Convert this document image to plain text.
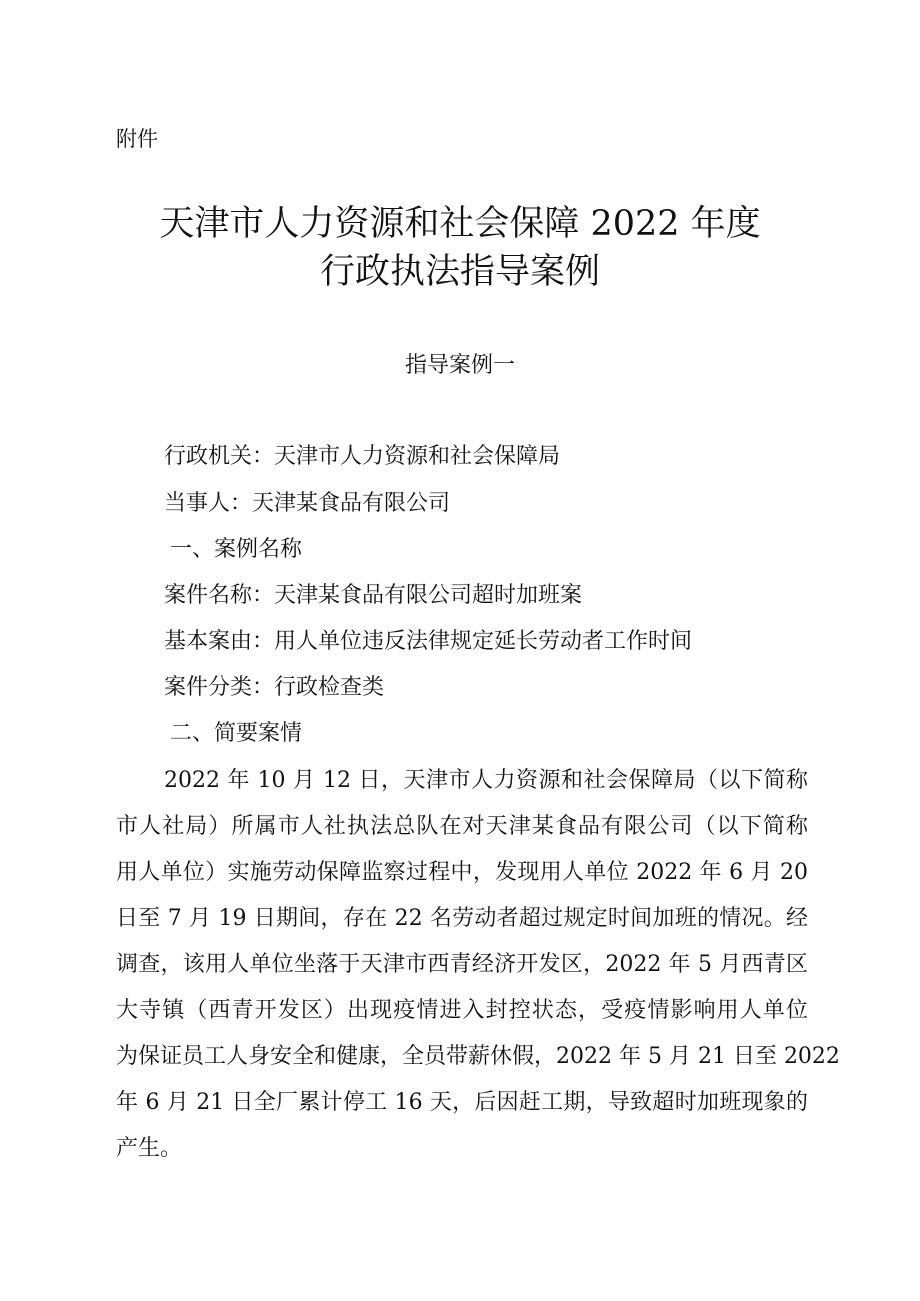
附件
天津市人力资源和社会保障 2022 年度
行政执法指导案例
指导案例一
行政机关：天津市人力资源和社会保障局
当事人：天津某食品有限公司
一、案例名称
案件名称：天津某食品有限公司超时加班案
基本案由：用人单位违反法律规定延长劳动者工作时间
案件分类：行政检查类
二、简要案情
2022 年 10 月 12 日，天津市人力资源和社会保障局（以下简称
市人社局）所属市人社执法总队在对天津某食品有限公司（以下简称
用人单位）实施劳动保障监察过程中，发现用人单位 2022 年 6 月 20
日至 7 月 19 日期间，存在 22 名劳动者超过规定时间加班的情况。经
调查，该用人单位坐落于天津市西青经济开发区，2022 年 5 月西青区
大寺镇（西青开发区）出现疫情进入封控状态，受疫情影响用人单位
为保证员工人身安全和健康，全员带薪休假，2022 年 5 月 21 日至 2022
年 6 月 21 日全厂累计停工 16 天，后因赶工期，导致超时加班现象的
产生。
